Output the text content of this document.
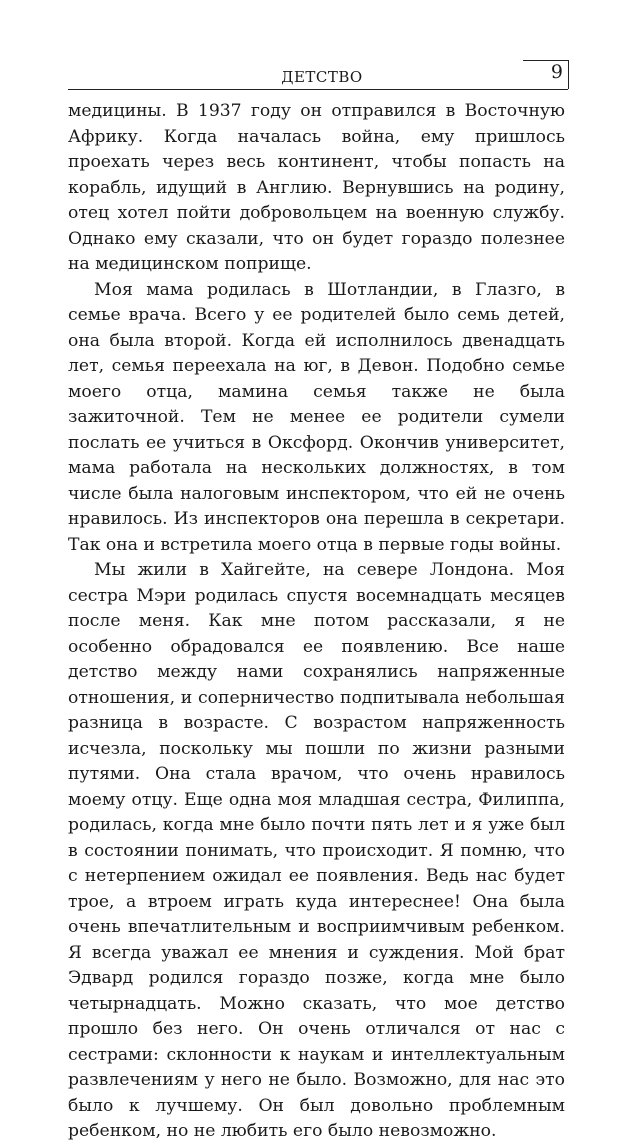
ДЕТСТВО	9

медицины. В 1937 году он отправился в Восточную Африку. Когда началась война, ему пришлось проехать через весь континент, чтобы попасть на корабль, идущий в Англию. Вернувшись на родину, отец хотел пойти добровольцем на военную службу. Однако ему сказали, что он будет гораздо полезнее на медицинском поприще.

Моя мама родилась в Шотландии, в Глазго, в семье врача. Всего у ее родителей было семь детей, она была второй. Когда ей исполнилось двенадцать лет, семья переехала на юг, в Девон. Подобно семье моего отца, мамина семья также не была зажиточной. Тем не менее ее родители сумели послать ее учиться в Оксфорд. Окончив университет, мама работала на нескольких должностях, в том числе была налоговым инспектором, что ей не очень нравилось. Из инспекторов она перешла в секретари. Так она и встретила моего отца в первые годы войны.

Мы жили в Хайгейте, на севере Лондона. Моя сестра Мэри родилась спустя восемнадцать месяцев после меня. Как мне потом рассказали, я не особенно обрадовался ее появлению. Все наше детство между нами сохранялись напряженные отношения, и соперничество подпитывала небольшая разница в возрасте. С возрастом напряженность исчезла, поскольку мы пошли по жизни разными путями. Она стала врачом, что очень нравилось моему отцу. Еще одна моя младшая сестра, Филиппа, родилась, когда мне было почти пять лет и я уже был в состоянии понимать, что происходит. Я помню, что с нетерпением ожидал ее появления. Ведь нас будет трое, а втроем играть куда интереснее! Она была очень впечатлительным и восприимчивым ребенком. Я всегда уважал ее мнения и суждения. Мой брат Эдвард родился гораздо позже, когда мне было четырнадцать. Можно сказать, что мое детство прошло без него. Он очень отличался от нас с сестрами: склонности к наукам и интеллектуальным развлечениям у него не было. Возможно, для нас это было к лучшему. Он был довольно проблемным ребенком, но не любить его было невозможно.
